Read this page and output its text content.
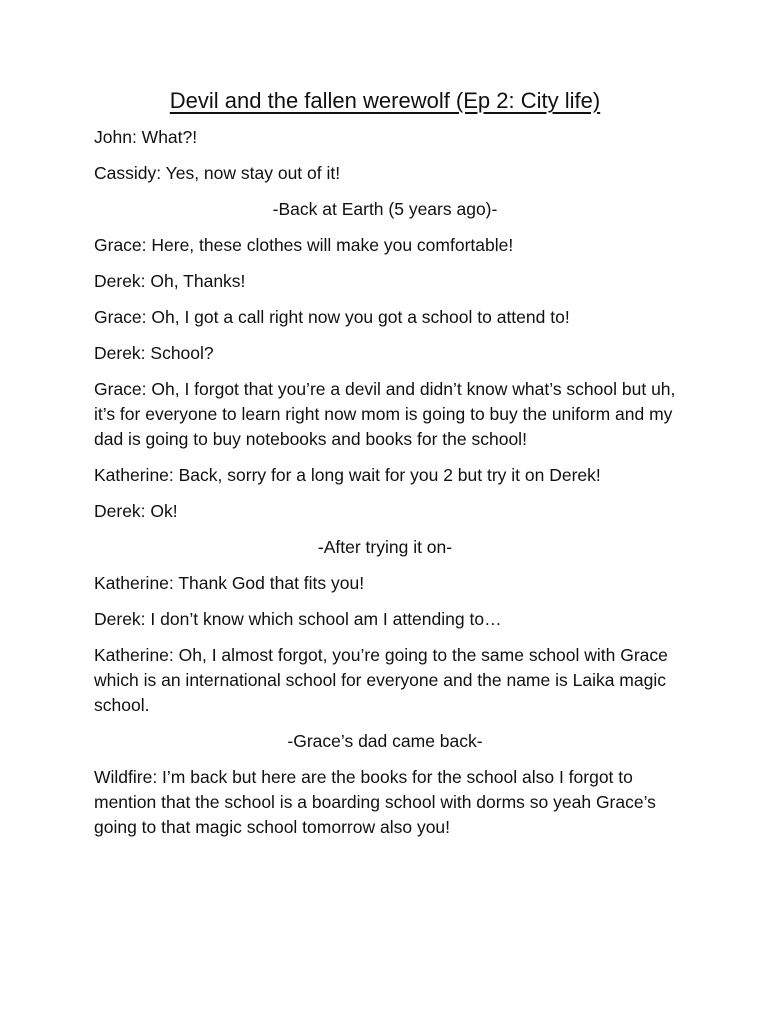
Devil and the fallen werewolf (Ep 2: City life)

John: What?!

Cassidy: Yes, now stay out of it!

-Back at Earth (5 years ago)-

Grace: Here, these clothes will make you comfortable!

Derek: Oh, Thanks!

Grace: Oh, I got a call right now you got a school to attend to!

Derek: School?

Grace: Oh, I forgot that you’re a devil and didn’t know what’s school but uh, it’s for everyone to learn right now mom is going to buy the uniform and my dad is going to buy notebooks and books for the school!

Katherine: Back, sorry for a long wait for you 2 but try it on Derek!

Derek: Ok!

-After trying it on-

Katherine: Thank God that fits you!

Derek: I don’t know which school am I attending to…

Katherine: Oh, I almost forgot, you’re going to the same school with Grace which is an international school for everyone and the name is Laika magic school.

-Grace’s dad came back-

Wildfire: I’m back but here are the books for the school also I forgot to mention that the school is a boarding school with dorms so yeah Grace’s going to that magic school tomorrow also you!
